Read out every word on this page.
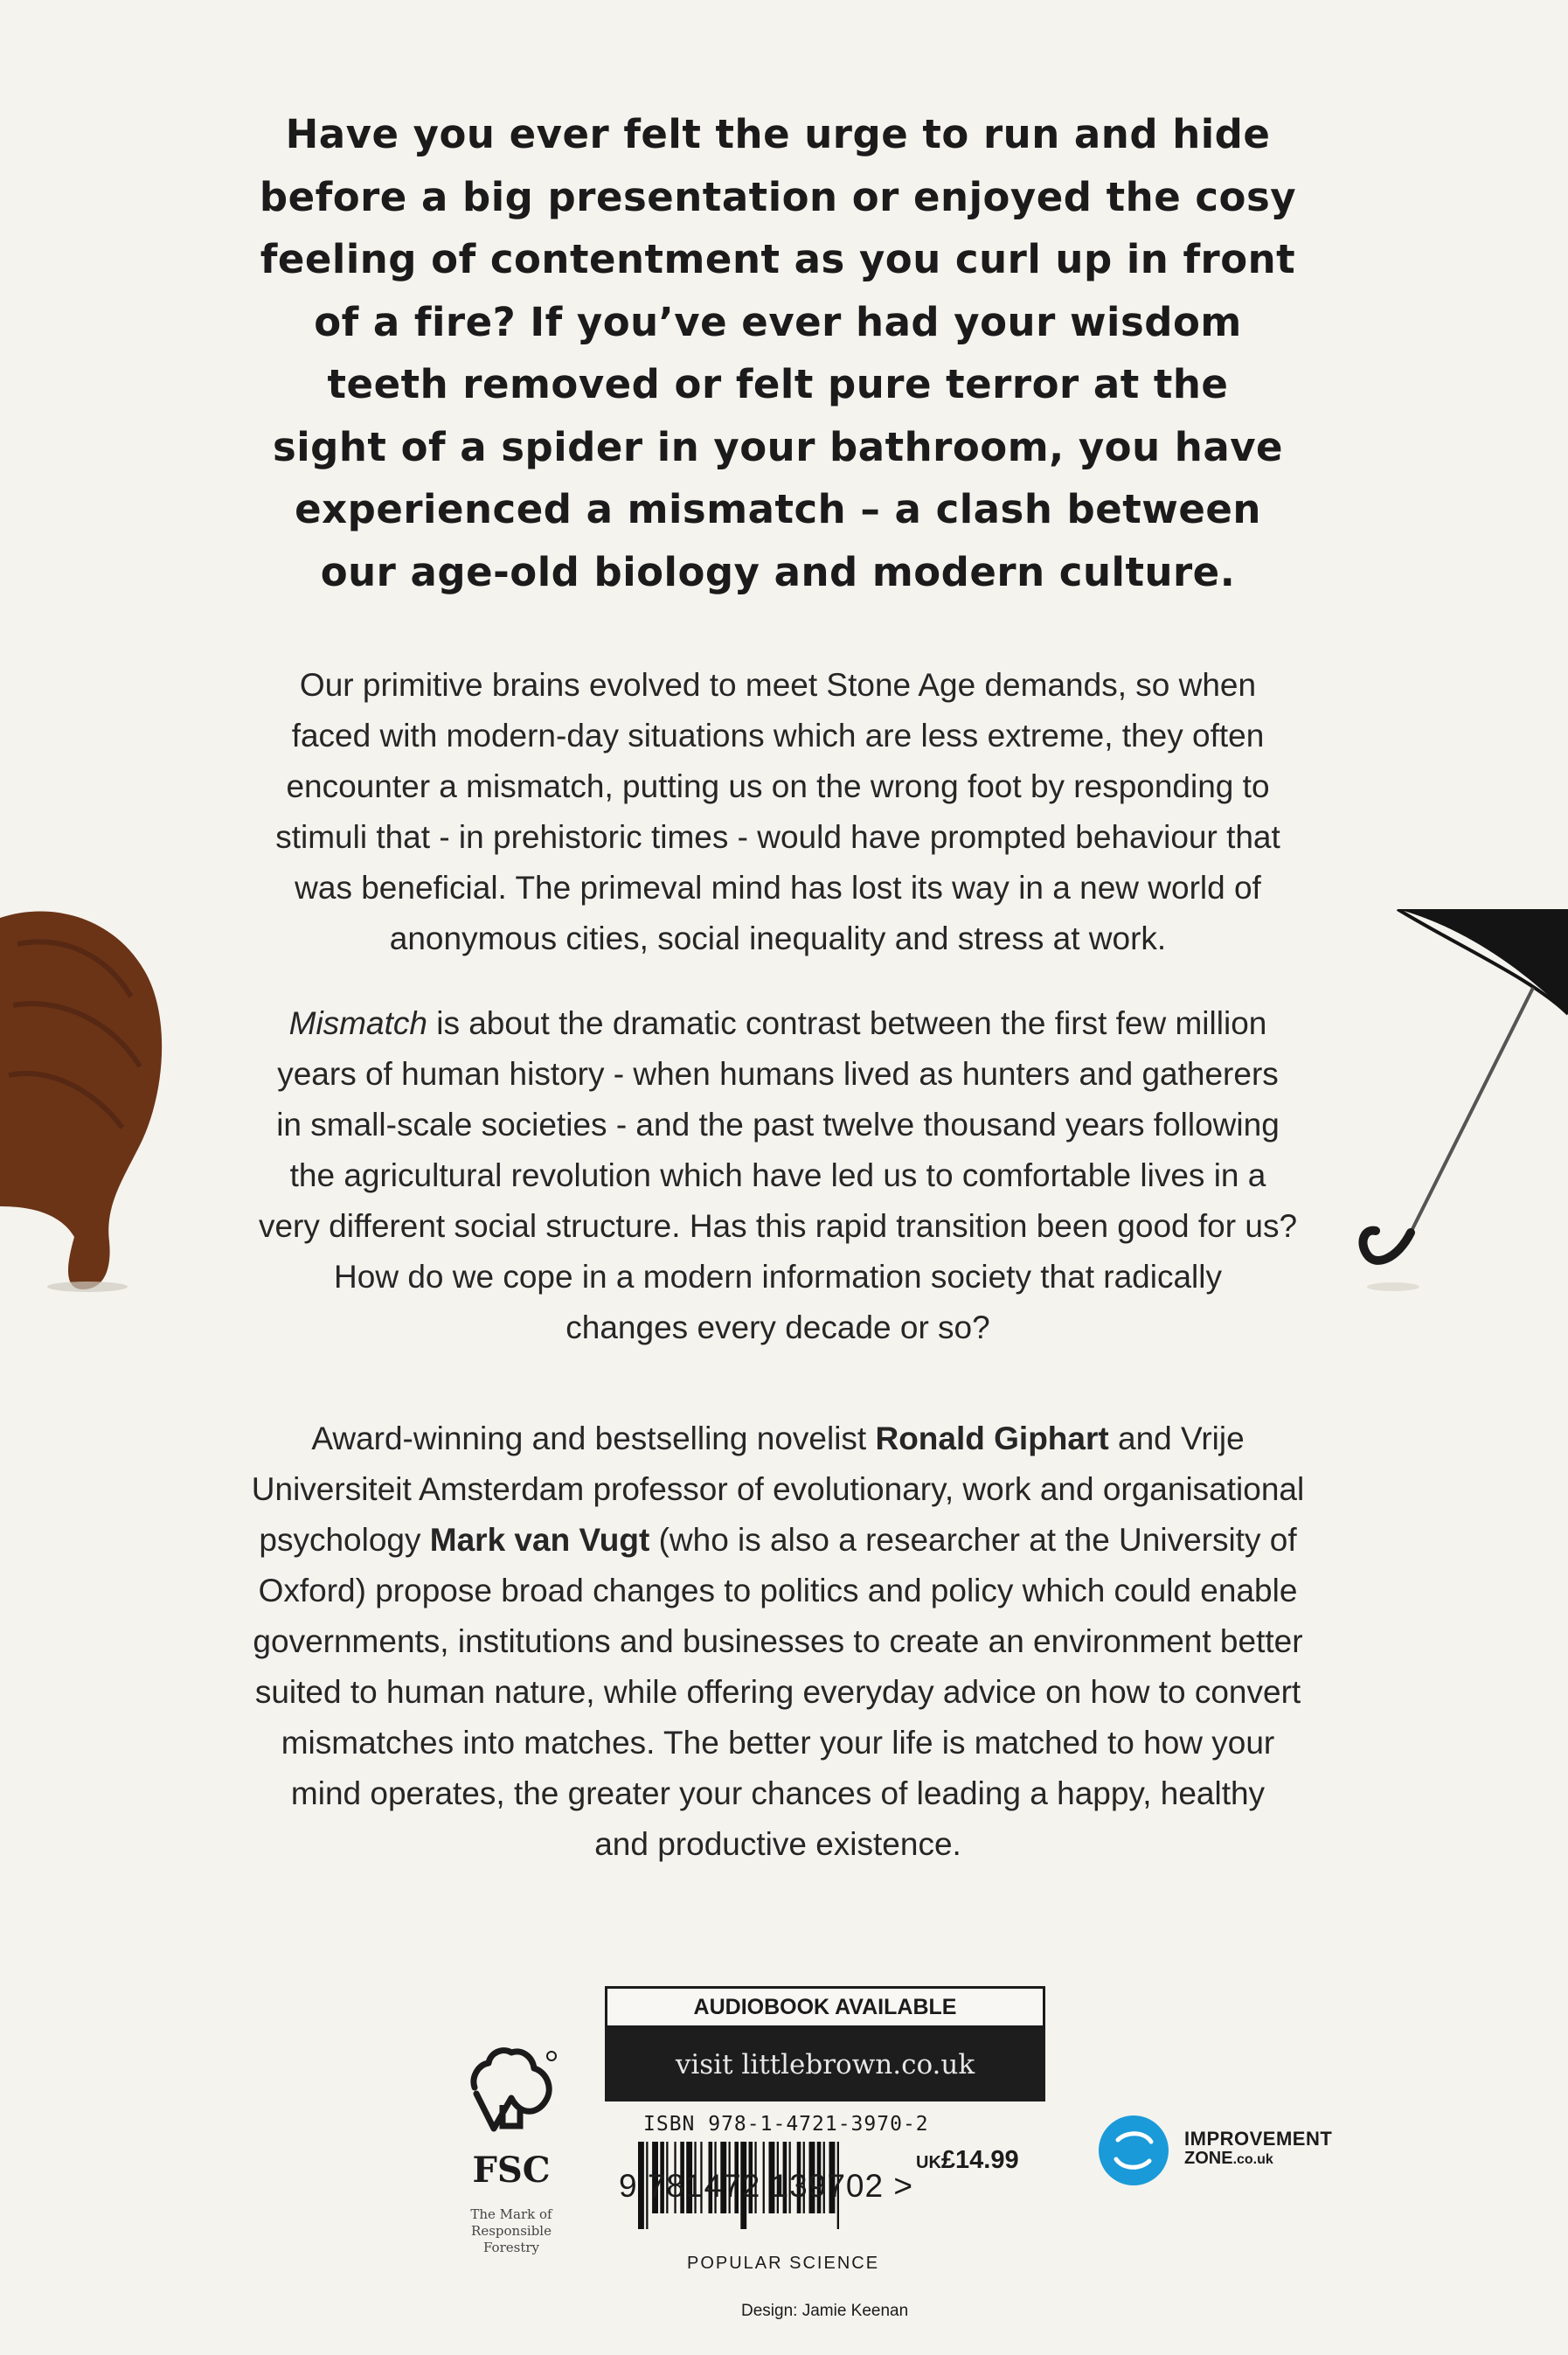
Have you ever felt the urge to run and hide
before a big presentation or enjoyed the cosy
feeling of contentment as you curl up in front
of a fire? If you’ve ever had your wisdom
teeth removed or felt pure terror at the
sight of a spider in your bathroom, you have
experienced a mismatch – a clash between
our age-old biology and modern culture.

Our primitive brains evolved to meet Stone Age demands, so when
faced with modern-day situations which are less extreme, they often
encounter a mismatch, putting us on the wrong foot by responding to
stimuli that - in prehistoric times - would have prompted behaviour that
was beneficial. The primeval mind has lost its way in a new world of
anonymous cities, social inequality and stress at work.

Mismatch is about the dramatic contrast between the first few million
years of human history - when humans lived as hunters and gatherers
in small-scale societies - and the past twelve thousand years following
the agricultural revolution which have led us to comfortable lives in a
very different social structure. Has this rapid transition been good for us?
How do we cope in a modern information society that radically
changes every decade or so?

Award-winning and bestselling novelist Ronald Giphart and Vrije
Universiteit Amsterdam professor of evolutionary, work and organisational
psychology Mark van Vugt (who is also a researcher at the University of
Oxford) propose broad changes to politics and policy which could enable
governments, institutions and businesses to create an environment better
suited to human nature, while offering everyday advice on how to convert
mismatches into matches. The better your life is matched to how your
mind operates, the greater your chances of leading a happy, healthy
and productive existence.

FSC
The Mark of
Responsible
Forestry
AUDIOBOOK AVAILABLE
visit littlebrown.co.uk
ISBN 978-1-4721-3970-2
UK£14.99
9 781472 139702 >
POPULAR SCIENCE
Design: Jamie Keenan
IMPROVEMENT
ZONE.co.uk
